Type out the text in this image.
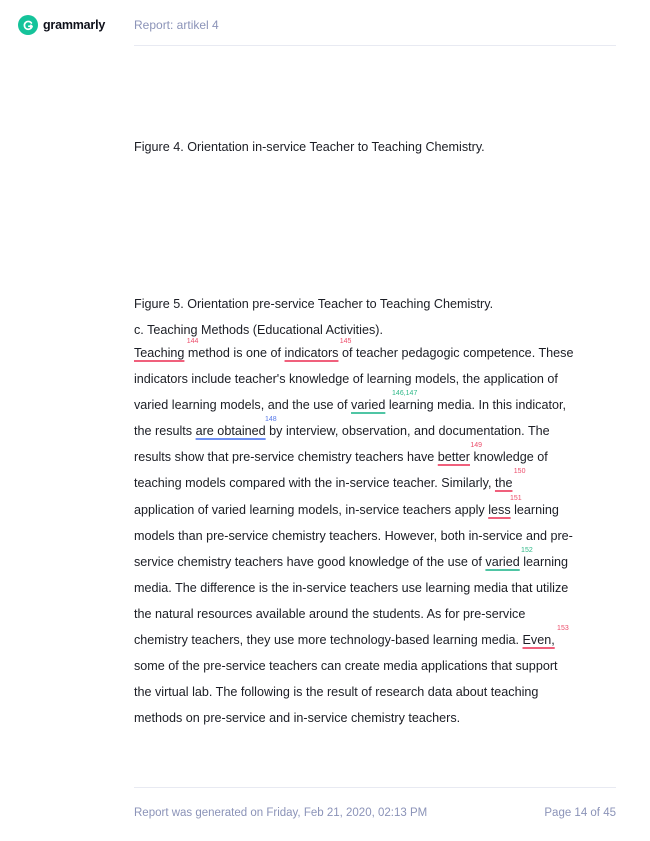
grammarly Report: artikel 4
Figure 4. Orientation in-service Teacher to Teaching Chemistry.
Figure 5. Orientation pre-service Teacher to Teaching Chemistry.
c. Teaching Methods (Educational Activities).
Teaching
144
method is one of indicators
145
of teacher pedagogic competence. These
indicators include teacher's knowledge of learning models, the application of
varied learning models, and the use of varied
146,147
learning media. In this indicator,
the results are obtained
148
by interview, observation, and documentation. The
results show that pre-service chemistry teachers have better
149
knowledge of
teaching models compared with the in-service teacher. Similarly, the
150
application of varied learning models, in-service teachers apply less
151
learning
models than pre-service chemistry teachers. However, both in-service and pre-
service chemistry teachers have good knowledge of the use of varied
152
learning
media. The difference is the in-service teachers use learning media that utilize
the natural resources available around the students. As for pre-service
chemistry teachers, they use more technology-based learning media. Even,
153
some of the pre-service teachers can create media applications that support
the virtual lab. The following is the result of research data about teaching
methods on pre-service and in-service chemistry teachers.
Report was generated on Friday, Feb 21, 2020, 02:13 PM	Page 14 of 45
